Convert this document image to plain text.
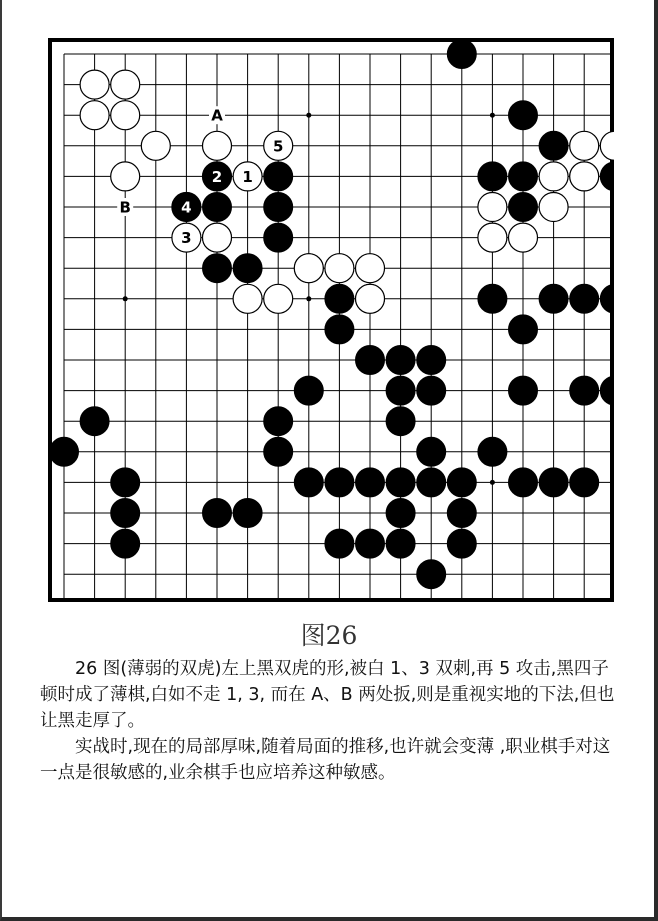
1
2
3
4
5
A
B
图26

26 图(薄弱的双虎)左上黑双虎的形,被白 1、3 双刺,再 5 攻击,黑四子顿时成了薄棋,白如不走 1, 3, 而在 A、B 两处扳,则是重视实地的下法,但也让黑走厚了。

实战时,现在的局部厚味,随着局面的推移,也许就会变薄 ,职业棋手对这一点是很敏感的,业余棋手也应培养这种敏感。
